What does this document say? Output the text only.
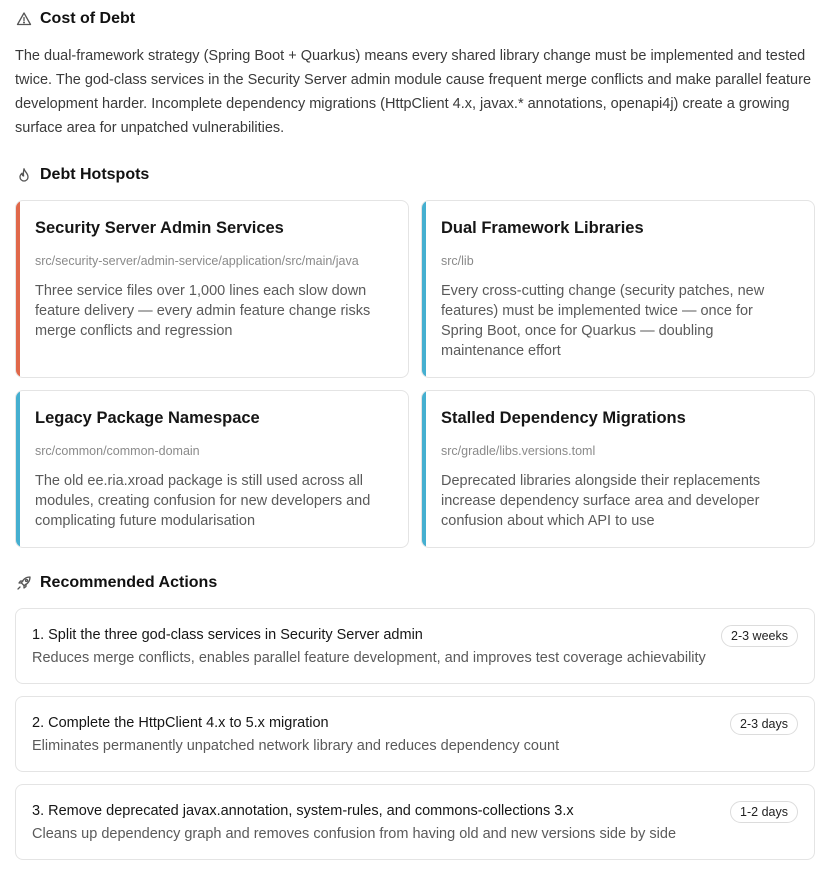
Cost of Debt

The dual-framework strategy (Spring Boot + Quarkus) means every shared library change must be implemented and tested twice. The god-class services in the Security Server admin module cause frequent merge conflicts and make parallel feature development harder. Incomplete dependency migrations (HttpClient 4.x, javax.* annotations, openapi4j) create a growing surface area for unpatched vulnerabilities.

Debt Hotspots
Security Server Admin Services
src/security-server/admin-service/application/src/main/java
Three service files over 1,000 lines each slow down feature delivery — every admin feature change risks merge conflicts and regression
Dual Framework Libraries
src/lib
Every cross-cutting change (security patches, new features) must be implemented twice — once for Spring Boot, once for Quarkus — doubling maintenance effort
Legacy Package Namespace
src/common/common-domain
The old ee.ria.xroad package is still used across all modules, creating confusion for new developers and complicating future modularisation
Stalled Dependency Migrations
src/gradle/libs.versions.toml
Deprecated libraries alongside their replacements increase dependency surface area and developer confusion about which API to use
Recommended Actions
1. Split the three god-class services in Security Server admin
Reduces merge conflicts, enables parallel feature development, and improves test coverage achievability
2-3 weeks
2. Complete the HttpClient 4.x to 5.x migration
Eliminates permanently unpatched network library and reduces dependency count
2-3 days
3. Remove deprecated javax.annotation, system-rules, and commons-collections 3.x
Cleans up dependency graph and removes confusion from having old and new versions side by side
1-2 days
